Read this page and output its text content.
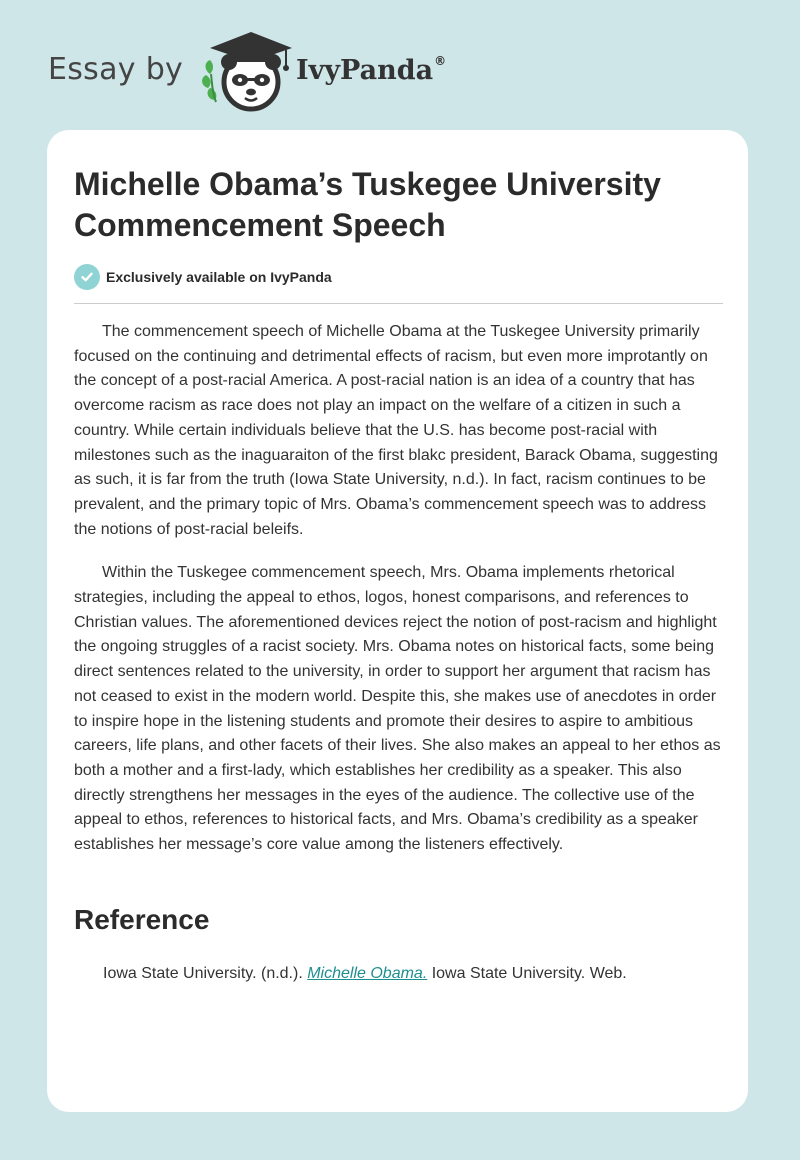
Essay by	IvyPanda®
Michelle Obama’s Tuskegee University Commencement Speech
Exclusively available on IvyPanda

The commencement speech of Michelle Obama at the Tuskegee University primarily focused on the continuing and detrimental effects of racism, but even more improtantly on the concept of a post-racial America. A post-racial nation is an idea of a country that has overcome racism as race does not play an impact on the welfare of a citizen in such a country. While certain individuals believe that the U.S. has become post-racial with milestones such as the inaguaraiton of the first blakc president, Barack Obama, suggesting as such, it is far from the truth (Iowa State University, n.d.). In fact, racism continues to be prevalent, and the primary topic of Mrs. Obama’s commencement speech was to address the notions of post-racial beleifs.

Within the Tuskegee commencement speech, Mrs. Obama implements rhetorical strategies, including the appeal to ethos, logos, honest comparisons, and references to Christian values. The aforementioned devices reject the notion of post-racism and highlight the ongoing struggles of a racist society. Mrs. Obama notes on historical facts, some being direct sentences related to the university, in order to support her argument that racism has not ceased to exist in the modern world. Despite this, she makes use of anecdotes in order to inspire hope in the listening students and promote their desires to aspire to ambitious careers, life plans, and other facets of their lives. She also makes an appeal to her ethos as both a mother and a first-lady, which establishes her credibility as a speaker. This also directly strengthens her messages in the eyes of the audience. The collective use of the appeal to ethos, references to historical facts, and Mrs. Obama’s credibility as a speaker establishes her message’s core value among the listeners effectively.

Reference
Iowa State University. (n.d.). Michelle Obama. Iowa State University. Web.
